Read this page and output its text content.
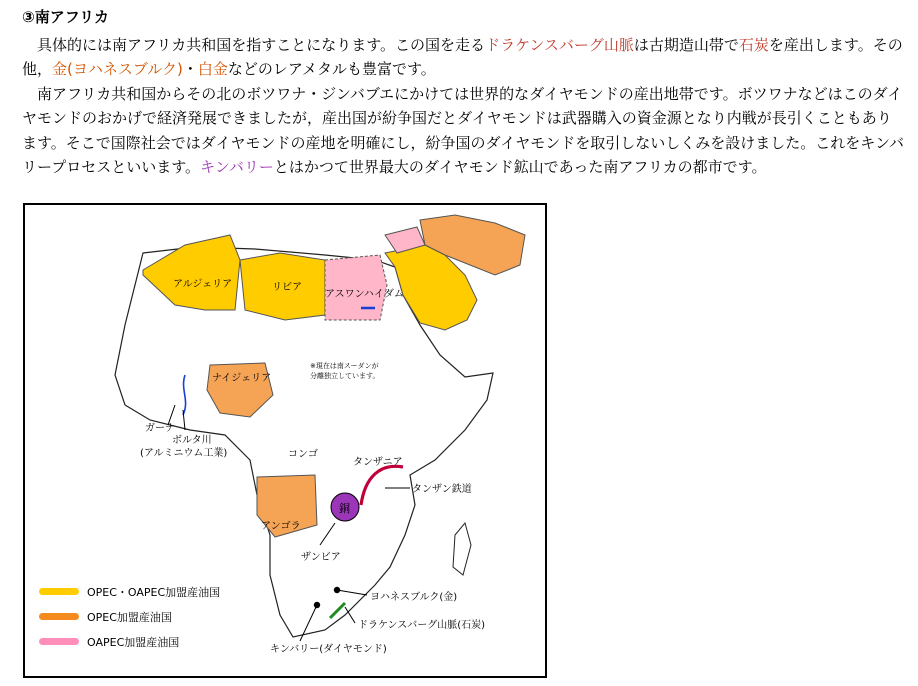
③南アフリカ

具体的には南アフリカ共和国を指すことになります。この国を走るドラケンスバーグ山脈は古期造山帯で石炭を産出します。その他，金(ヨハネスブルク)・白金などのレアメタルも豊富です。

南アフリカ共和国からその北のボツワナ・ジンバブエにかけては世界的なダイヤモンドの産出地帯です。ボツワナなどはこのダイヤモンドのおかげで経済発展できましたが，産出国が紛争国だとダイヤモンドは武器購入の資金源となり内戦が長引くこともあります。そこで国際社会ではダイヤモンドの産地を明確にし，紛争国のダイヤモンドを取引しないしくみを設けました。これをキンバリープロセスといいます。キンバリーとはかつて世界最大のダイヤモンド鉱山であった南アフリカの都市です。

銅
アルジェリア	リビア
アスワンハイダム
※現在は南スーダンが
分離独立しています。
ナイジェリア
ガーナ
ボルタ川
(アルミニウム工業)	コンゴ
タンザニア
タンザン鉄道
アンゴラ
ザンビア
ヨハネスブルク(金)
ドラケンスバーグ山脈(石炭)
キンバリー(ダイヤモンド)
OPEC・OAPEC加盟産油国
OPEC加盟産油国
OAPEC加盟産油国
